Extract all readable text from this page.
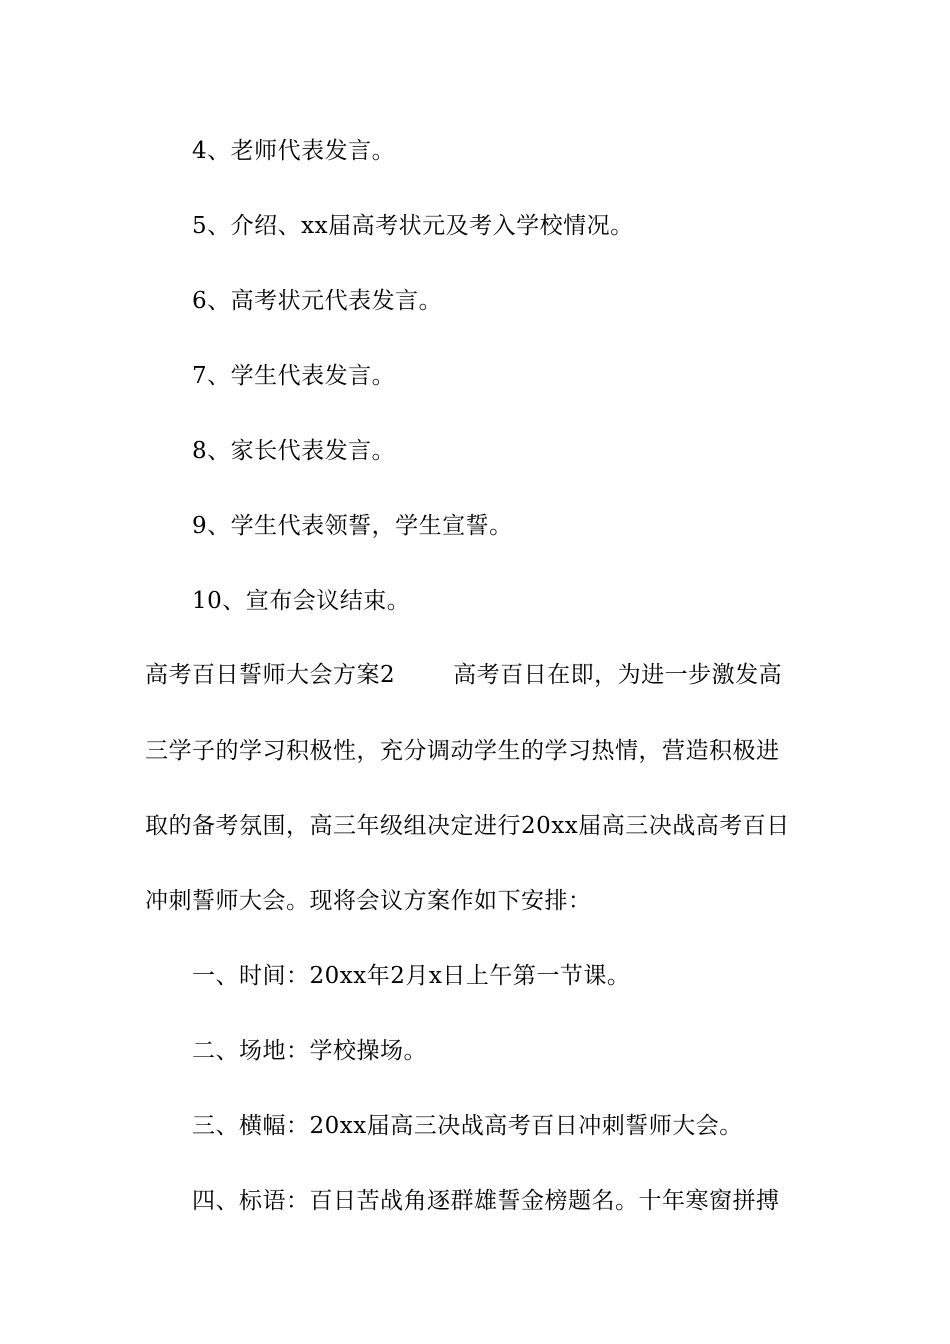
4、老师代表发言。
5、介绍、xx届高考状元及考入学校情况。
6、高考状元代表发言。
7、学生代表发言。
8、家长代表发言。
9、学生代表领誓，学生宣誓。
10、宣布会议结束。
高考百日誓师大会方案2	高考百日在即，为进一步激发高
三学子的学习积极性，充分调动学生的学习热情，营造积极进
取的备考氛围，高三年级组决定进行20xx届高三决战高考百日
冲刺誓师大会。现将会议方案作如下安排：
一、时间：20xx年2月x日上午第一节课。
二、场地：学校操场。
三、横幅：20xx届高三决战高考百日冲刺誓师大会。
四、标语：百日苦战角逐群雄誓金榜题名。十年寒窗拼搏
